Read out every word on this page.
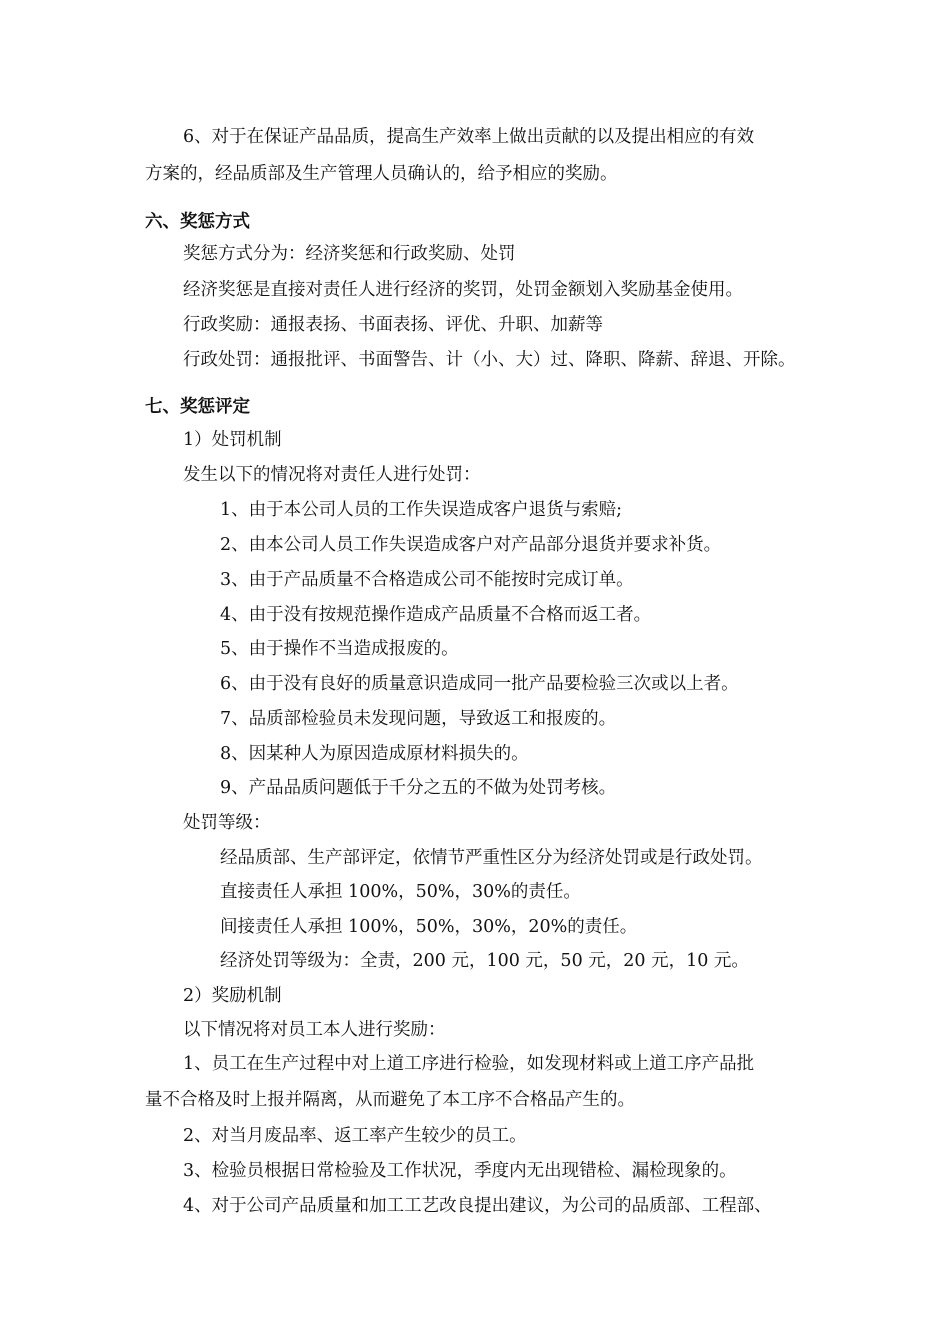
6、对于在保证产品品质，提高生产效率上做出贡献的以及提出相应的有效
方案的，经品质部及生产管理人员确认的，给予相应的奖励。
六、奖惩方式
奖惩方式分为：经济奖惩和行政奖励、处罚
经济奖惩是直接对责任人进行经济的奖罚，处罚金额划入奖励基金使用。
行政奖励：通报表扬、书面表扬、评优、升职、加薪等
行政处罚：通报批评、书面警告、计（小、大）过、降职、降薪、辞退、开除。
七、奖惩评定
1）处罚机制
发生以下的情况将对责任人进行处罚：
1、由于本公司人员的工作失误造成客户退货与索赔;
2、由本公司人员工作失误造成客户对产品部分退货并要求补货。
3、由于产品质量不合格造成公司不能按时完成订单。
4、由于没有按规范操作造成产品质量不合格而返工者。
5、由于操作不当造成报废的。
6、由于没有良好的质量意识造成同一批产品要检验三次或以上者。
7、品质部检验员未发现问题，导致返工和报废的。
8、因某种人为原因造成原材料损失的。
9、产品品质问题低于千分之五的不做为处罚考核。
处罚等级：
经品质部、生产部评定，依情节严重性区分为经济处罚或是行政处罚。
直接责任人承担 100%，50%，30%的责任。
间接责任人承担 100%，50%，30%，20%的责任。
经济处罚等级为：全责，200 元，100 元，50 元，20 元，10 元。
2）奖励机制
以下情况将对员工本人进行奖励：
1、员工在生产过程中对上道工序进行检验，如发现材料或上道工序产品批
量不合格及时上报并隔离，从而避免了本工序不合格品产生的。
2、对当月废品率、返工率产生较少的员工。
3、检验员根据日常检验及工作状况，季度内无出现错检、漏检现象的。
4、对于公司产品质量和加工工艺改良提出建议，为公司的品质部、工程部、
